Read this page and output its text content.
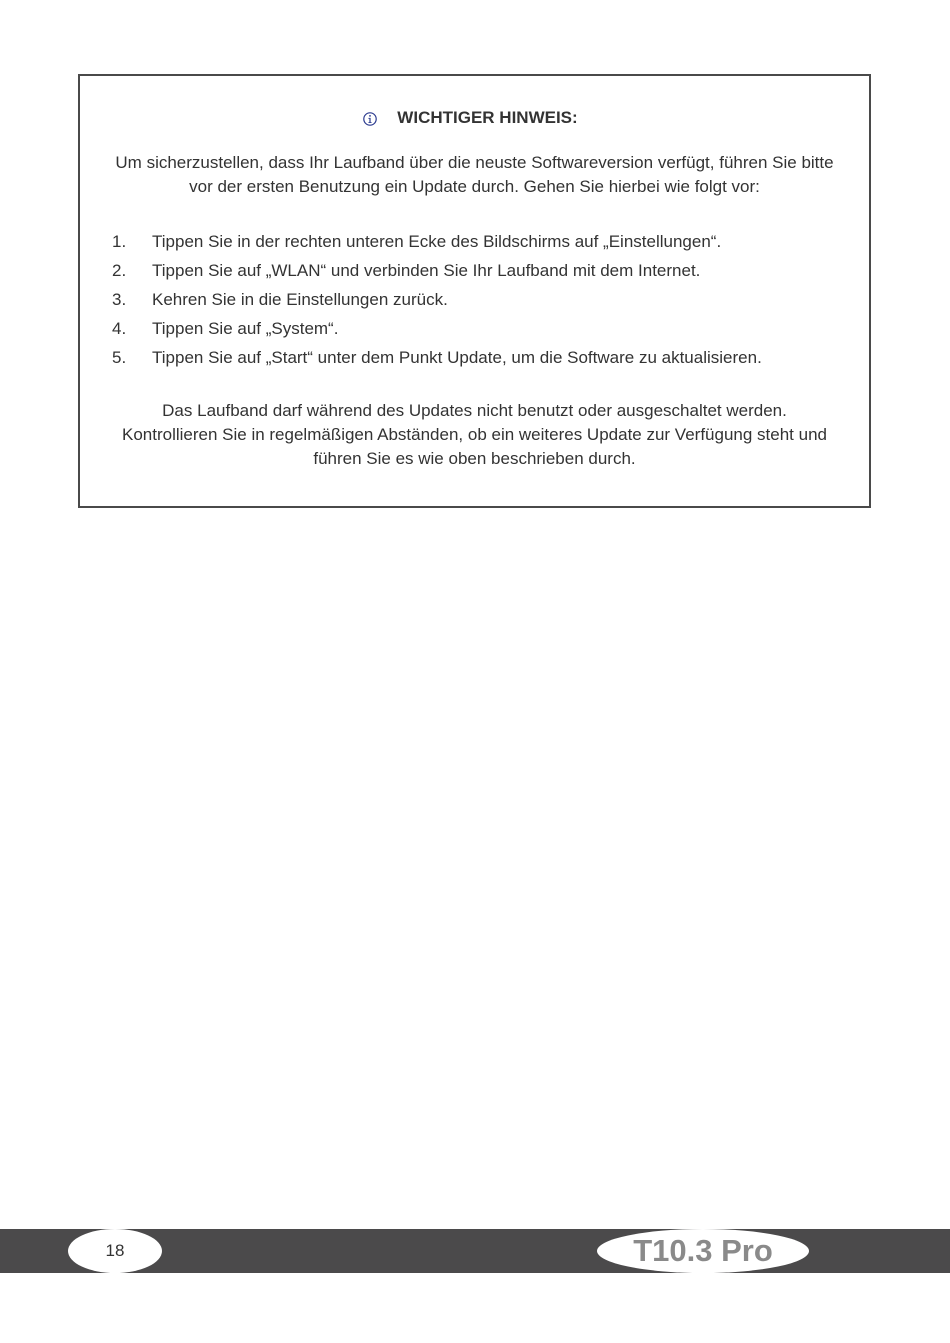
WICHTIGER HINWEIS:
Um sicherzustellen, dass Ihr Laufband über die neuste Softwareversion verfügt, führen Sie bitte vor der ersten Benutzung ein Update durch. Gehen Sie hierbei wie folgt vor:
1.	Tippen Sie in der rechten unteren Ecke des Bildschirms auf „Einstellungen“.
2.	Tippen Sie auf „WLAN“ und verbinden Sie Ihr Laufband mit dem Internet.
3.	Kehren Sie in die Einstellungen zurück.
4.	Tippen Sie auf „System“.
5.	Tippen Sie auf „Start“ unter dem Punkt Update, um die Software zu aktualisieren.
Das Laufband darf während des Updates nicht benutzt oder ausgeschaltet werden.
Kontrollieren Sie in regelmäßigen Abständen, ob ein weiteres Update zur Verfügung steht und führen Sie es wie oben beschrieben durch.
18	T10.3 Pro
